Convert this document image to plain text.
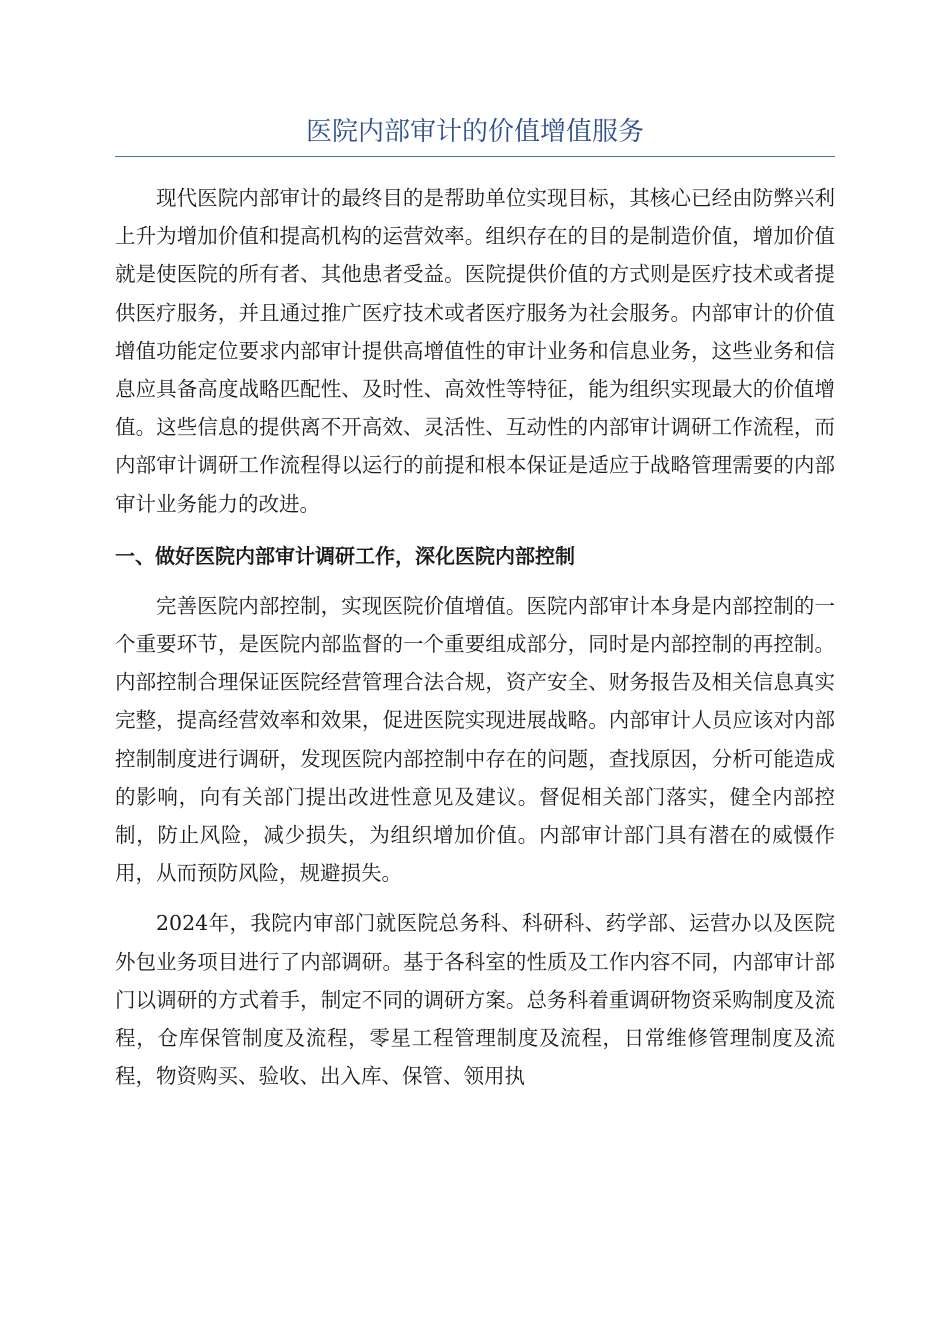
医院内部审计的价值增值服务

现代医院内部审计的最终目的是帮助单位实现目标，其核心已经由防弊兴利上升为增加价值和提高机构的运营效率。组织存在的目的是制造价值，增加价值就是使医院的所有者、其他患者受益。医院提供价值的方式则是医疗技术或者提供医疗服务，并且通过推广医疗技术或者医疗服务为社会服务。内部审计的价值增值功能定位要求内部审计提供高增值性的审计业务和信息业务，这些业务和信息应具备高度战略匹配性、及时性、高效性等特征，能为组织实现最大的价值增值。这些信息的提供离不开高效、灵活性、互动性的内部审计调研工作流程，而内部审计调研工作流程得以运行的前提和根本保证是适应于战略管理需要的内部审计业务能力的改进。

一、做好医院内部审计调研工作，深化医院内部控制

完善医院内部控制，实现医院价值增值。医院内部审计本身是内部控制的一个重要环节，是医院内部监督的一个重要组成部分，同时是内部控制的再控制。内部控制合理保证医院经营管理合法合规，资产安全、财务报告及相关信息真实完整，提高经营效率和效果，促进医院实现进展战略。内部审计人员应该对内部控制制度进行调研，发现医院内部控制中存在的问题，查找原因，分析可能造成的影响，向有关部门提出改进性意见及建议。督促相关部门落实，健全内部控制，防止风险，减少损失，为组织增加价值。内部审计部门具有潜在的威慑作用，从而预防风险，规避损失。

2024年，我院内审部门就医院总务科、科研科、药学部、运营办以及医院外包业务项目进行了内部调研。基于各科室的性质及工作内容不同，内部审计部门以调研的方式着手，制定不同的调研方案。总务科着重调研物资采购制度及流程，仓库保管制度及流程，零星工程管理制度及流程，日常维修管理制度及流程，物资购买、验收、出入库、保管、领用执
